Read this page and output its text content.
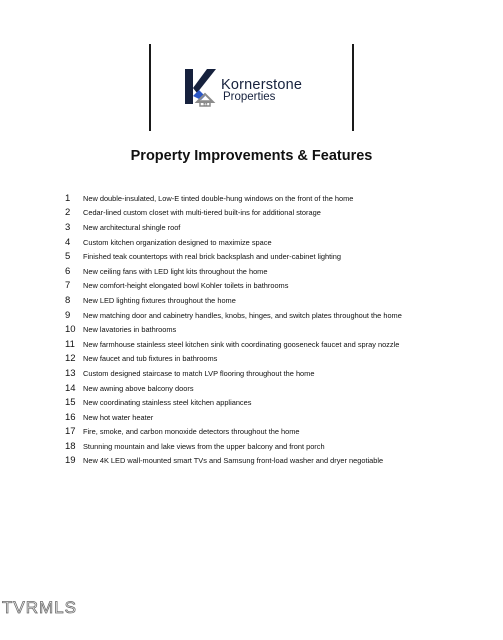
Kornerstone
Properties
Property Improvements & Features
1	New double-insulated, Low-E tinted double-hung windows on the front of the home
2	Cedar-lined custom closet with multi-tiered built-ins for additional storage
3	New architectural shingle roof
4	Custom kitchen organization designed to maximize space
5	Finished teak countertops with real brick backsplash and under-cabinet lighting
6	New ceiling fans with LED light kits throughout the home
7	New comfort-height elongated bowl Kohler toilets in bathrooms
8	New LED lighting fixtures throughout the home
9	New matching door and cabinetry handles, knobs, hinges, and switch plates throughout the home
10	New lavatories in bathrooms
11	New farmhouse stainless steel kitchen sink with coordinating gooseneck faucet and spray nozzle
12	New faucet and tub fixtures in bathrooms
13	Custom designed staircase to match LVP flooring throughout the home
14	New awning above balcony doors
15	New coordinating stainless steel kitchen appliances
16	New hot water heater
17	Fire, smoke, and carbon monoxide detectors throughout the home
18	Stunning mountain and lake views from the upper balcony and front porch
19	New 4K LED wall-mounted smart TVs and Samsung front-load washer and dryer negotiable
TVRMLS
